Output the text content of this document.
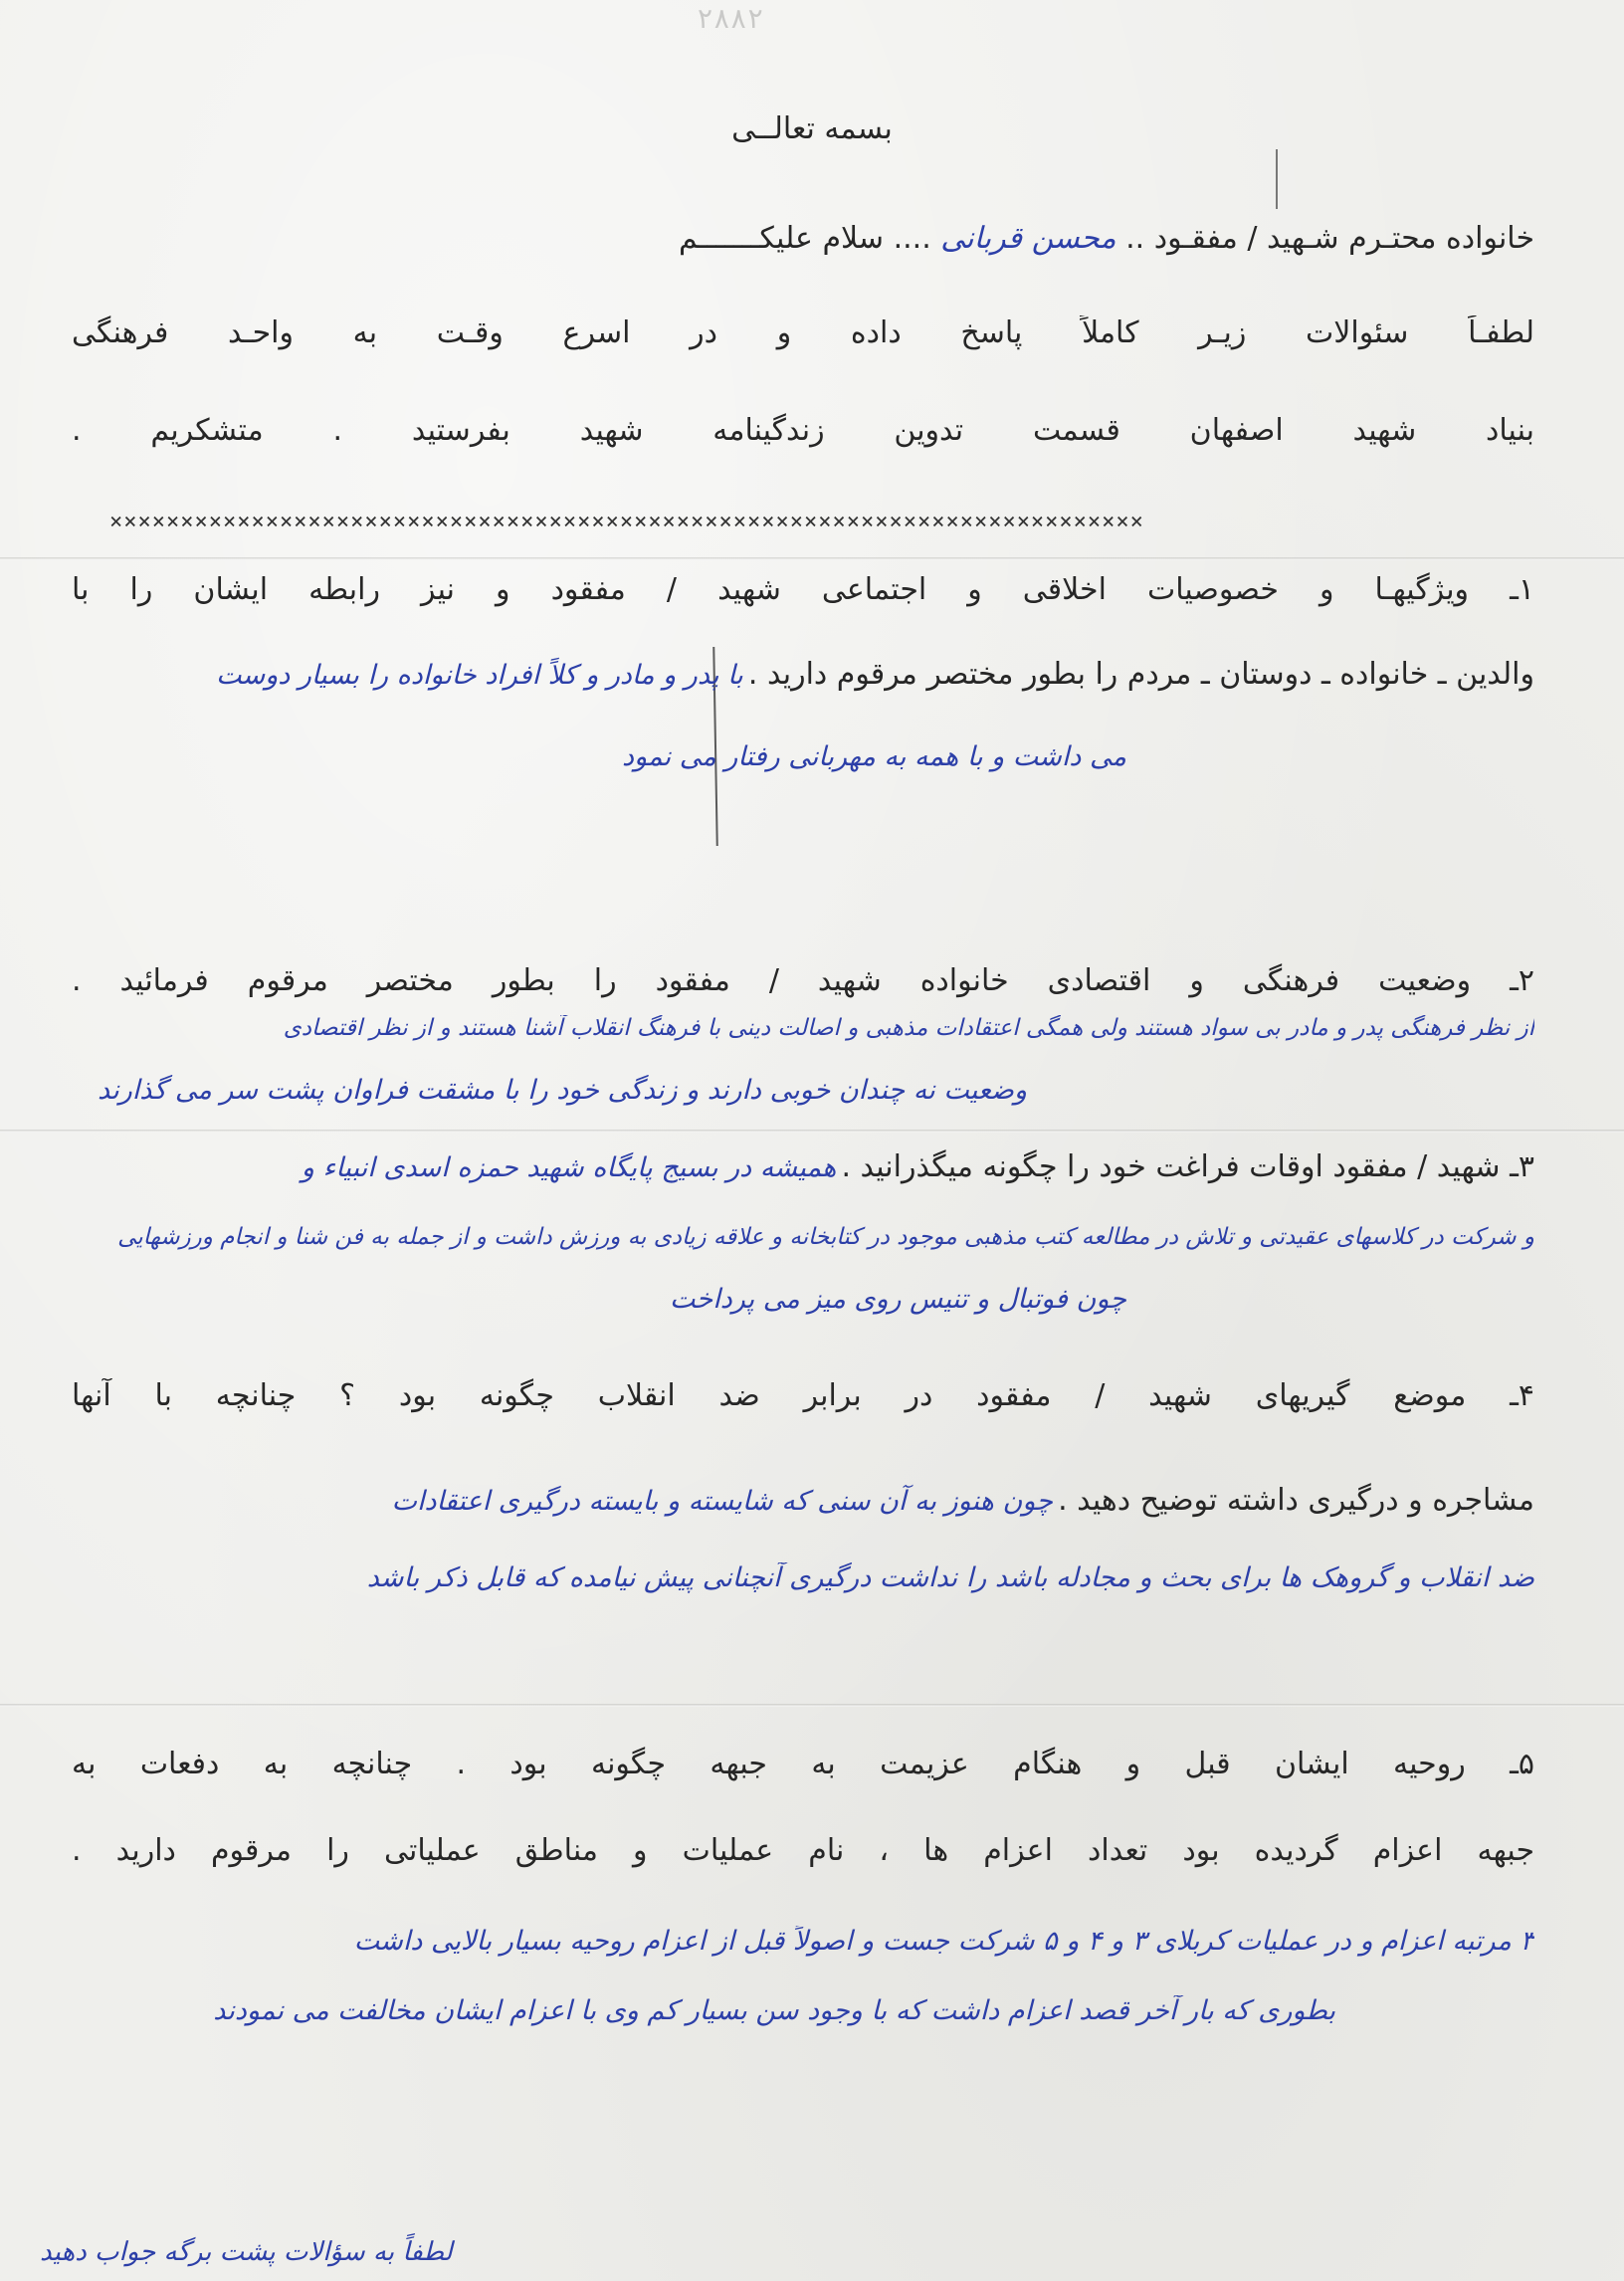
۲۸۸۲
بسمه تعالــی
خانواده محتـرم شـهید / مفقـود .. محسن قربانی .... سلام علیکـــــــم
لطفـاً سئوالات زیـر کاملاً پاسخ داده و در اسرع وقـت به واحـد فرهنگی
بنیاد شهید اصفهان قسمت تدوین زندگینامه شهید بفرستید . متشکریم .
×××××××××××××××××××××××××××××××××××××××××××××××××××××××××××××××××××××××××
۱ـ ویژگیهـا و خصوصیات اخلاقی و اجتماعی شهید / مفقود و نیز رابطه ایشان را با
والدین ـ خانواده ـ دوستان ـ مردم را بطور مختصر مرقوم دارید . با پدر و مادر و کلاً افراد خانواده را بسیار دوست
می داشت و با همه به مهربانی رفتار می نمود
۲ـ وضعیت فرهنگی و اقتصادی خانواده شهید / مفقود را بطور مختصر مرقوم فرمائید .
از نظر فرهنگی پدر و مادر بی سواد هستند ولی همگی اعتقادات مذهبی و اصالت دینی با فرهنگ انقلاب آشنا هستند و از نظر اقتصادی
وضعیت نه چندان خوبی دارند و زندگی خود را با مشقت فراوان پشت سر می گذارند
۳ـ شهید / مفقود اوقات فراغت خود را چگونه میگذرانید . همیشه در بسیج پایگاه شهید حمزه اسدی انبیاء و
و شرکت در کلاسهای عقیدتی و تلاش در مطالعه کتب مذهبی موجود در کتابخانه و علاقه زیادی به ورزش داشت و از جمله به فن شنا و انجام ورزشهایی
چون فوتبال و تنیس روی میز می پرداخت
۴ـ موضع گیریهای شهید / مفقود در برابر ضد انقلاب چگونه بود ؟ چنانچه با آنها
مشاجره و درگیری داشته توضیح دهید . چون هنوز به آن سنی که شایسته و بایسته درگیری اعتقادات
ضد انقلاب و گروهک ها برای بحث و مجادله باشد را نداشت درگیری آنچنانی پیش نیامده که قابل ذکر باشد
۵ـ روحیه ایشان قبل و هنگام عزیمت به جبهه چگونه بود . چنانچه به دفعات به
جبهه اعزام گردیده بود تعداد اعزام ها ، نام عملیات و مناطق عملیاتی را مرقوم دارید .
۳ مرتبه اعزام و در عملیات کربلای ۳ و ۴ و ۵ شرکت جست و اصولاً قبل از اعزام روحیه بسیار بالایی داشت
بطوری که بار آخر قصد اعزام داشت که با وجود سن بسیار کم وی با اعزام ایشان مخالفت می نمودند
لطفاً به سؤالات پشت برگه جواب دهید
